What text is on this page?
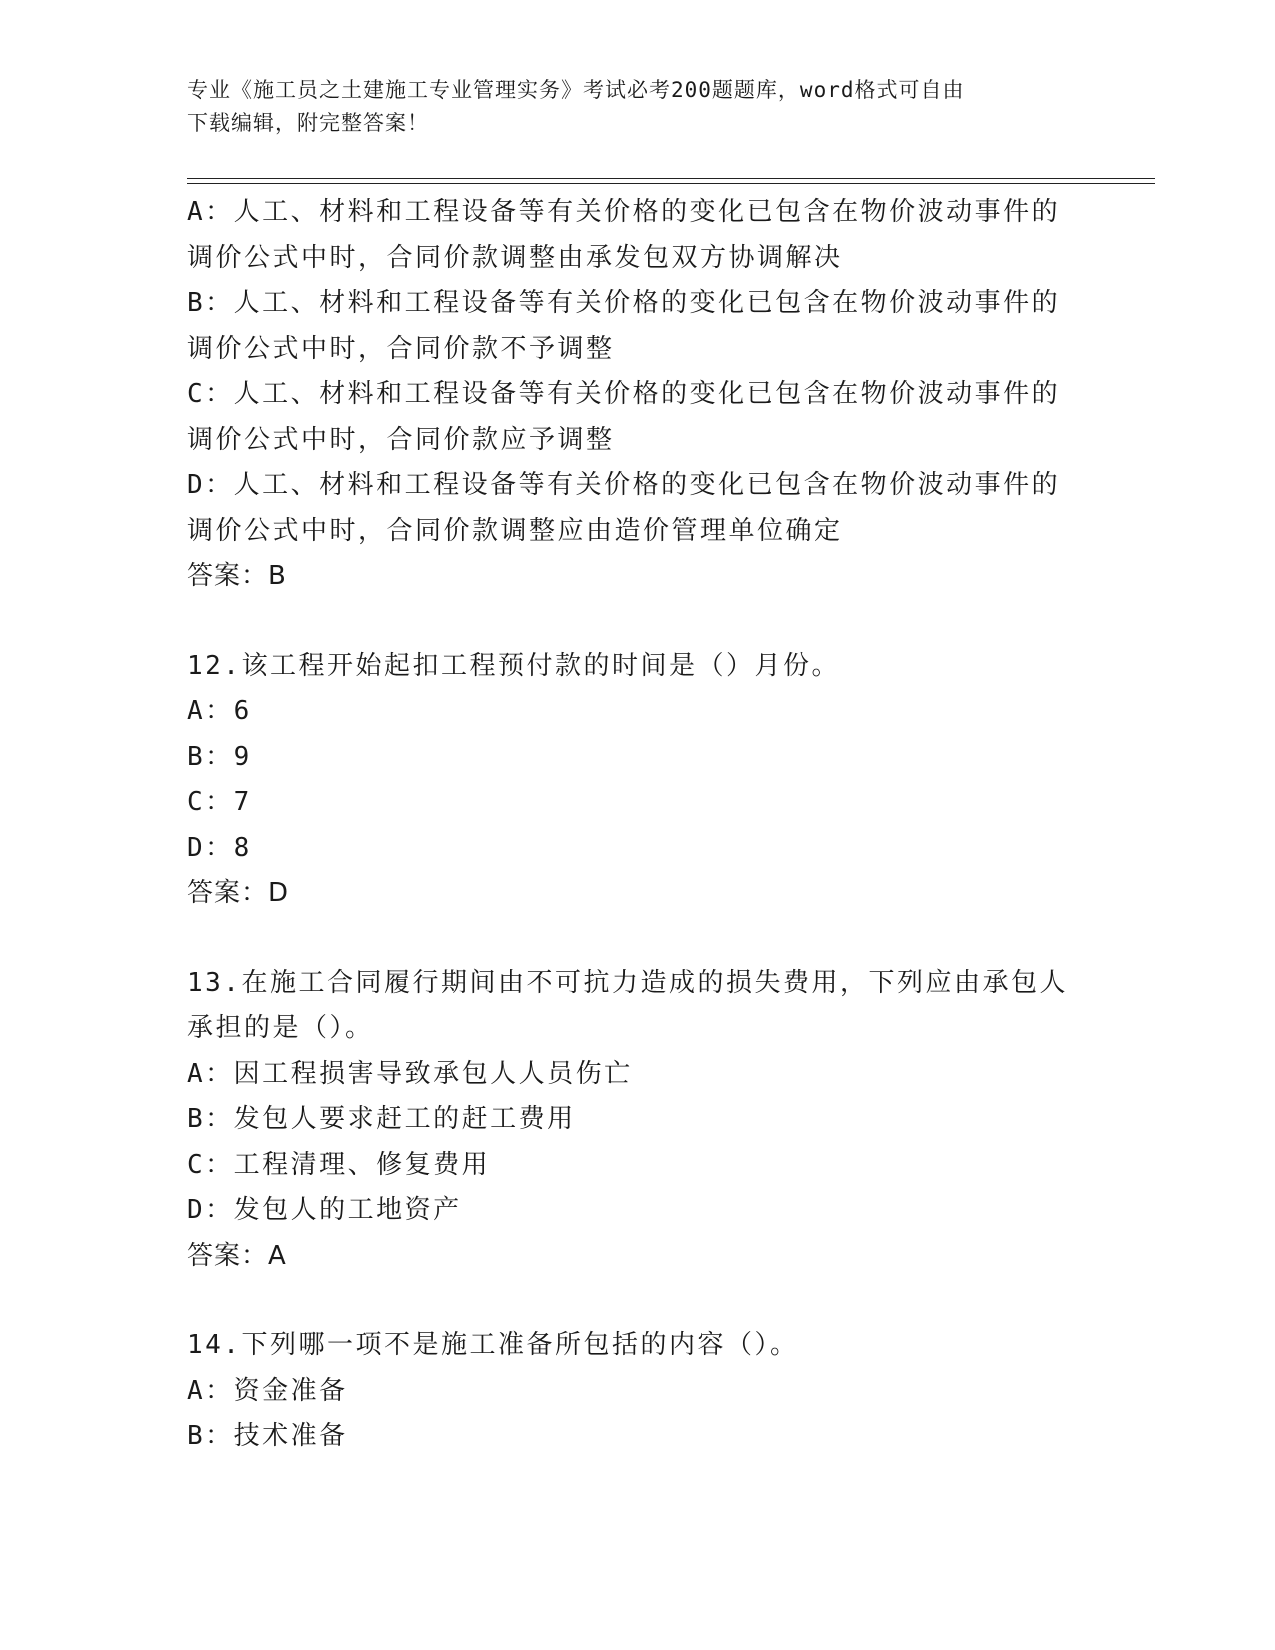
专业《施工员之土建施工专业管理实务》考试必考200题题库，word格式可自由
下载编辑，附完整答案！
A：人工、材料和工程设备等有关价格的变化已包含在物价波动事件的
调价公式中时，合同价款调整由承发包双方协调解决
B：人工、材料和工程设备等有关价格的变化已包含在物价波动事件的
调价公式中时，合同价款不予调整
C：人工、材料和工程设备等有关价格的变化已包含在物价波动事件的
调价公式中时，合同价款应予调整
D：人工、材料和工程设备等有关价格的变化已包含在物价波动事件的
调价公式中时，合同价款调整应由造价管理单位确定
答案：B
12.该工程开始起扣工程预付款的时间是（）月份。
A：6
B：9
C：7
D：8
答案：D
13.在施工合同履行期间由不可抗力造成的损失费用，下列应由承包人
承担的是（）。
A：因工程损害导致承包人人员伤亡
B：发包人要求赶工的赶工费用
C：工程清理、修复费用
D：发包人的工地资产
答案：A
14.下列哪一项不是施工准备所包括的内容（）。
A：资金准备
B：技术准备
